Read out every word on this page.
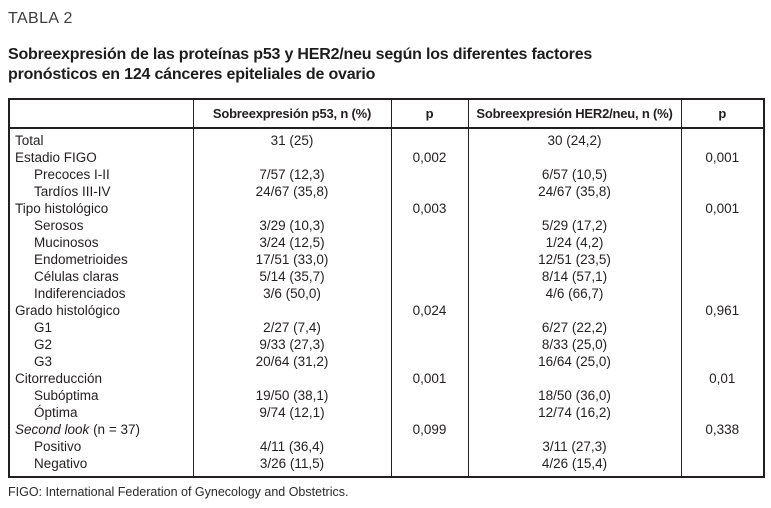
TABLA 2
Sobreexpresión de las proteínas p53 y HER2/neu según los diferentes factores
pronósticos en 124 cánceres epiteliales de ovario
	Sobreexpresión p53, n (%)	p	Sobreexpresión HER2/neu, n (%)	p
Total	31 (25)		30 (24,2)	
Estadio FIGO		0,002		0,001
Precoces I-II	7/57 (12,3)		6/57 (10,5)	
Tardíos III-IV	24/67 (35,8)		24/67 (35,8)	
Tipo histológico		0,003		0,001
Serosos	3/29 (10,3)		5/29 (17,2)	
Mucinosos	3/24 (12,5)		1/24 (4,2)	
Endometrioides	17/51 (33,0)		12/51 (23,5)	
Células claras	5/14 (35,7)		8/14 (57,1)	
Indiferenciados	3/6 (50,0)		4/6 (66,7)	
Grado histológico		0,024		0,961
G1	2/27 (7,4)		6/27 (22,2)	
G2	9/33 (27,3)		8/33 (25,0)	
G3	20/64 (31,2)		16/64 (25,0)	
Citorreducción		0,001		0,01
Subóptima	19/50 (38,1)		18/50 (36,0)	
Óptima	9/74 (12,1)		12/74 (16,2)	
Second look (n = 37)		0,099		0,338
Positivo	4/11 (36,4)		3/11 (27,3)	
Negativo	3/26 (11,5)		4/26 (15,4)	
FIGO: International Federation of Gynecology and Obstetrics.
